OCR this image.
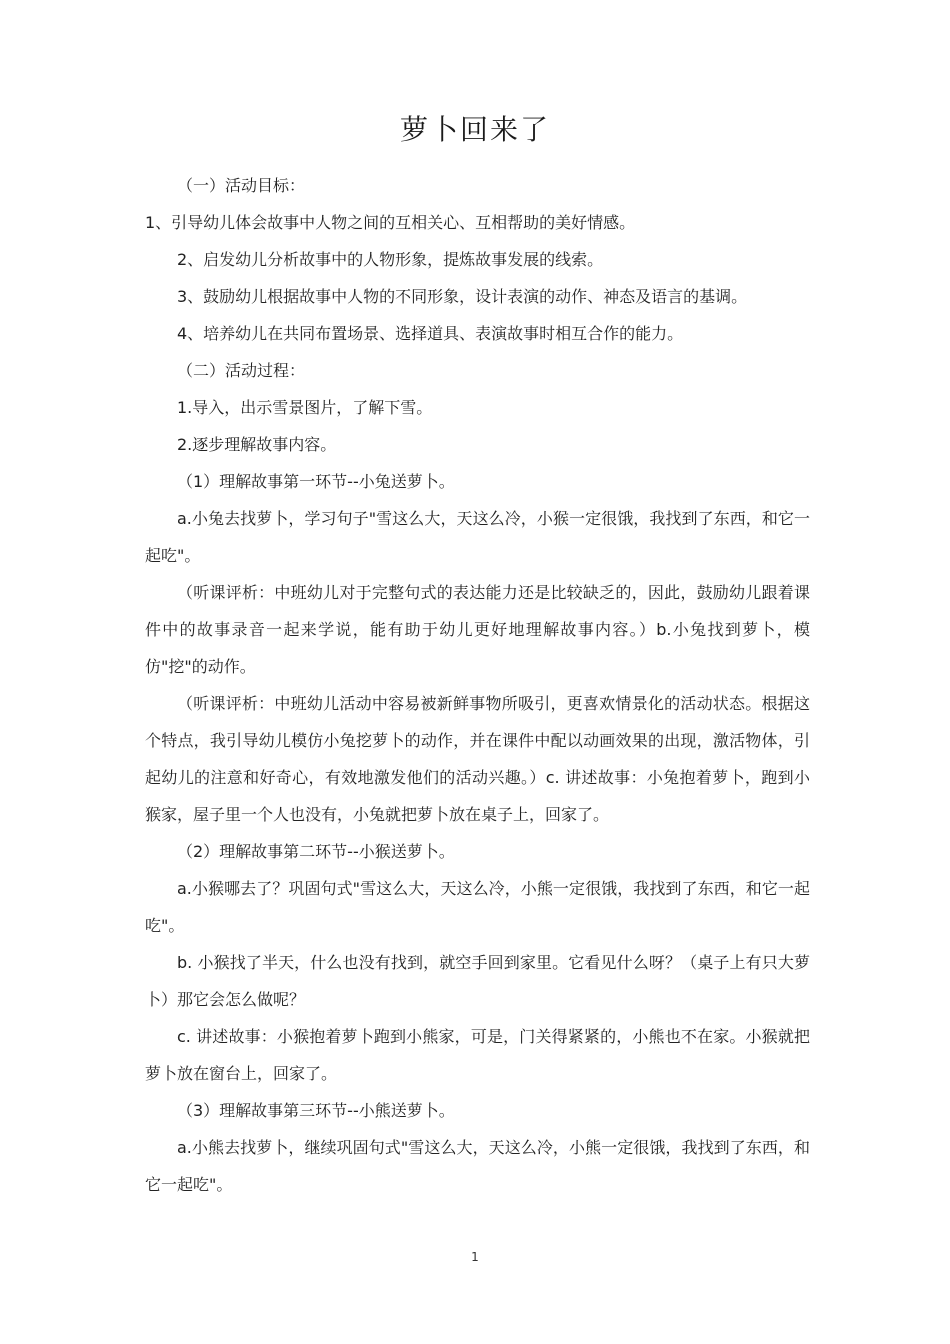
萝卜回来了

（一）活动目标：

1、引导幼儿体会故事中人物之间的互相关心、互相帮助的美好情感。

2、启发幼儿分析故事中的人物形象，提炼故事发展的线索。

3、鼓励幼儿根据故事中人物的不同形象，设计表演的动作、神态及语言的基调。

4、培养幼儿在共同布置场景、选择道具、表演故事时相互合作的能力。

（二）活动过程：

1.导入，出示雪景图片，了解下雪。

2.逐步理解故事内容。

（1）理解故事第一环节--小兔送萝卜。

a.小兔去找萝卜，学习句子"雪这么大，天这么冷，小猴一定很饿，我找到了东西，和它一起吃"。

（听课评析：中班幼儿对于完整句式的表达能力还是比较缺乏的，因此，鼓励幼儿跟着课件中的故事录音一起来学说，能有助于幼儿更好地理解故事内容。）b.小兔找到萝卜，模仿"挖"的动作。

（听课评析：中班幼儿活动中容易被新鲜事物所吸引，更喜欢情景化的活动状态。根据这个特点，我引导幼儿模仿小兔挖萝卜的动作，并在课件中配以动画效果的出现，激活物体，引起幼儿的注意和好奇心，有效地激发他们的活动兴趣。）c. 讲述故事：小兔抱着萝卜，跑到小猴家，屋子里一个人也没有，小兔就把萝卜放在桌子上，回家了。

（2）理解故事第二环节--小猴送萝卜。

a.小猴哪去了？巩固句式"雪这么大，天这么冷，小熊一定很饿，我找到了东西，和它一起吃"。

b. 小猴找了半天，什么也没有找到，就空手回到家里。它看见什么呀？（桌子上有只大萝卜）那它会怎么做呢？

c. 讲述故事：小猴抱着萝卜跑到小熊家，可是，门关得紧紧的，小熊也不在家。小猴就把萝卜放在窗台上，回家了。

（3）理解故事第三环节--小熊送萝卜。

a.小熊去找萝卜，继续巩固句式"雪这么大，天这么冷，小熊一定很饿，我找到了东西，和它一起吃"。

1
